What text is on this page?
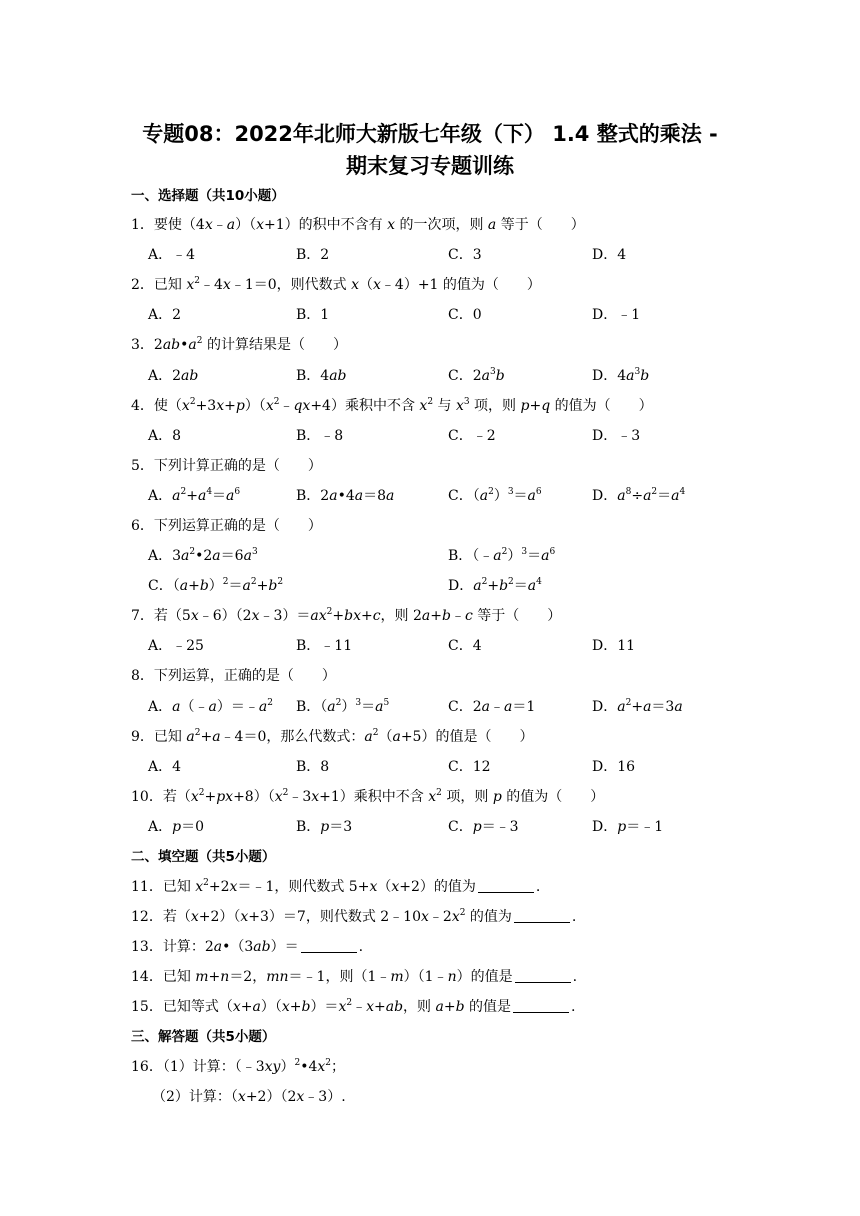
专题08：2022年北师大新版七年级（下） 1.4 整式的乘法 -
期末复习专题训练
一、选择题（共10小题）
1．要使（4x﹣a）（x+1）的积中不含有 x 的一次项，则 a 等于（　　）
A．﹣4	B．2	C．3	D．4
2．已知 $x^2﹣4x﹣1=0$，则代数式 x（x﹣4）+1 的值为（　　）
A．2	B．1	C．0	D．﹣1
3．$2ab•a^2$ 的计算结果是（　　）
A．2ab	B．4ab	C．$2a^3b$	D．$4a^3b$
4．使$(x^2+3x+p)(x^2﹣qx+4)$乘积中不含 $x^2$ 与 $x^3$ 项，则 p+q 的值为（　　）
A．8	B．﹣8	C．﹣2	D．﹣3
5．下列计算正确的是（　　）
A．$a^2+a^4=a^6$	B．2a•4a＝8a	C．$(a^2)^3=a^6$	D．$a^8\div a^2=a^4$
6．下列运算正确的是（　　）
A．$3a^2•2a=6a^3$	B．$(﹣a^2)^3=a^6$
C．$(a+b)^2=a^2+b^2$	D．$a^2+b^2=a^4$
7．若$(5x﹣6)(2x﹣3)=ax^2+bx+c$，则 2a+b﹣c 等于（　　）
A．﹣25	B．﹣11	C．4	D．11
8．下列运算，正确的是（　　）
A．$a(﹣a)=﹣a^2$ B．$(a^2)^3=a^5$	C．2a﹣a＝1	D．$a^2+a=3a$
9．已知 $a^2+a﹣4=0$，那么代数式：$a^2(a+5)$的值是（　　）
A．4	B．8	C．12	D．16
10．若$(x^2+px+8)(x^2﹣3x+1)$乘积中不含 $x^2$ 项，则 p 的值为（　　）
A．p＝0	B．p＝3	C．p＝﹣3	D．p＝﹣1
二、填空题（共5小题）
11．已知 $x^2+2x=﹣1$，则代数式 5+x（x+2）的值为	.
12．若（x+2）（x+3）＝7，则代数式 $2﹣10x﹣2x^2$ 的值为	.
13．计算：2a•（3ab）＝	.
14．已知 m+n＝2，mn＝﹣1，则（1﹣m）（1﹣n）的值是	.
15．已知等式$(x+a)(x+b)=x^2﹣x+ab$，则 a+b 的值是	.
三、解答题（共5小题）
16．（1）计算：$(﹣3xy)^2•4x^2$；
（2）计算：（x+2）（2x﹣3）.
